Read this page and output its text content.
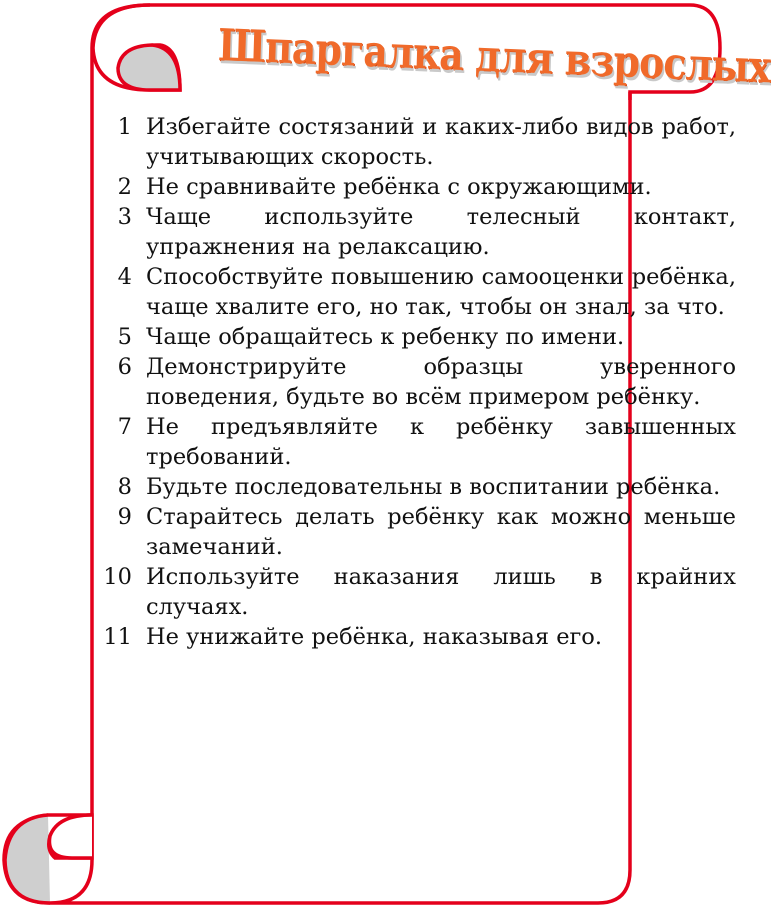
Шпаргалка для взрослых
1 Избегайте состязаний и каких-либо видов работ, учитывающих скорость.
2 Не сравнивайте ребёнка с окружающими.
3 Чаще используйте телесный контакт, упражнения на релаксацию.
4 Способствуйте повышению самооценки ребёнка, чаще хвалите его, но так, чтобы он знал, за что.
5 Чаще обращайтесь к ребенку по имени.
6 Демонстрируйте образцы уверенного поведения, будьте во всём примером ребёнку.
7 Не предъявляйте к ребёнку завышенных требований.
8 Будьте последовательны в воспитании ребёнка.
9 Старайтесь делать ребёнку как можно меньше замечаний.
10 Используйте наказания лишь в крайних случаях.
11 Не унижайте ребёнка, наказывая его.
